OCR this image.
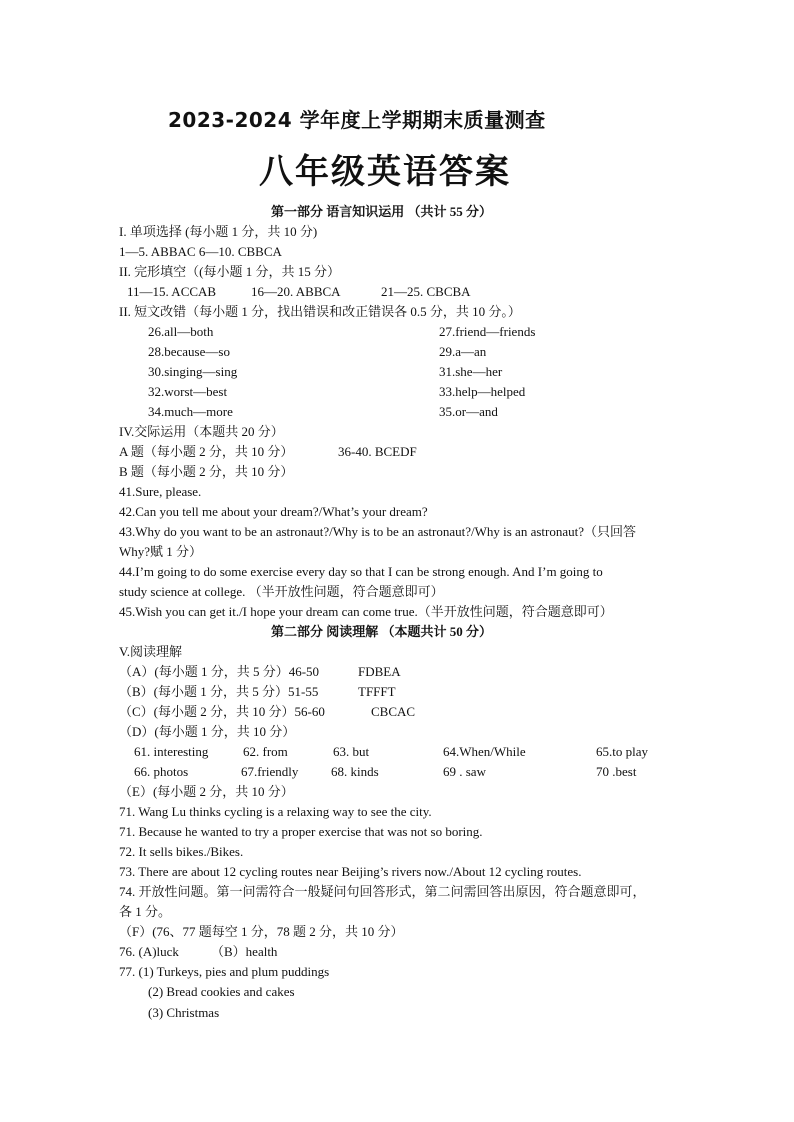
2023-2024 学年度上学期期末质量测查
八年级英语答案
第一部分 语言知识运用 （共计 55 分）
I. 单项选择 (每小题 1 分，共 10 分)
1—5. ABBAC 6—10. CBBCA
II. 完形填空（(每小题 1 分，共 15 分）
11—15. ACCAB	16—20. ABBCA	21—25. CBCBA
II. 短文改错（每小题 1 分，找出错误和改正错误各 0.5 分，共 10 分。）
26.all—both	27.friend—friends
28.because—so	29.a—an
30.singing—sing	31.she—her
32.worst—best	33.help—helped
34.much—more	35.or—and
IV.交际运用（本题共 20 分）
A 题（每小题 2 分，共 10 分）	36-40. BCEDF
B 题（每小题 2 分，共 10 分）
41.Sure, please.
42.Can you tell me about your dream?/What’s your dream?
43.Why do you want to be an astronaut?/Why is to be an astronaut?/Why is an astronaut?（只回答
Why?赋 1 分）
44.I’m going to do some exercise every day so that I can be strong enough. And I’m going to
study science at college. （半开放性问题，符合题意即可）
45.Wish you can get it./I hope your dream can come true.（半开放性问题，符合题意即可）
第二部分 阅读理解 （本题共计 50 分）
V.阅读理解
（A）(每小题 1 分，共 5 分）46-50	FDBEA
（B）(每小题 1 分，共 5 分）51-55	TFFFT
（C）(每小题 2 分，共 10 分）56-60	CBCAC
（D）(每小题 1 分，共 10 分）
61. interesting	62. from	63. but	64.When/While	65.to play
66. photos	67.friendly	68. kinds	69 . saw	70 .best
（E）(每小题 2 分，共 10 分）
71. Wang Lu thinks cycling is a relaxing way to see the city.
71. Because he wanted to try a proper exercise that was not so boring.
72. It sells bikes./Bikes.
73. There are about 12 cycling routes near Beijing’s rivers now./About 12 cycling routes.
74. 开放性问题。第一问需符合一般疑问句回答形式，第二问需回答出原因，符合题意即可，
各 1 分。
（F）(76、77 题每空 1 分，78 题 2 分，共 10 分）
76. (A)luck （B）health
77. (1) Turkeys, pies and plum puddings
(2) Bread cookies and cakes
(3) Christmas
